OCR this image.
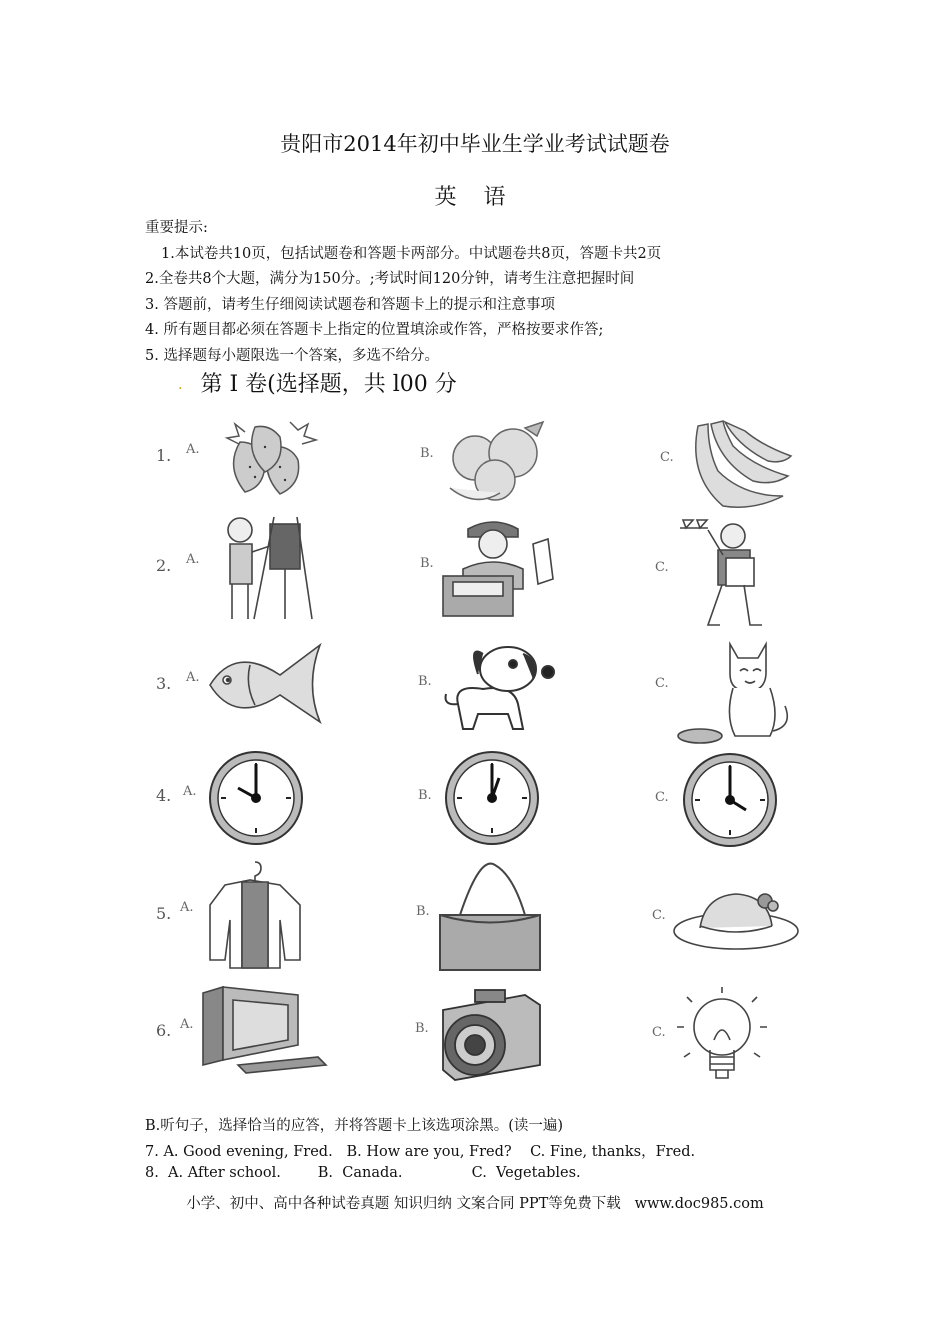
贵阳市2014年初中毕业生学业考试试题卷
英 语
重要提示:
1.本试卷共10页，包括试题卷和答题卡两部分。中试题卷共8页，答题卡共2页
2.全卷共8个大题，满分为150分。;考试时间120分钟，请考生注意把握时间
3. 答题前，请考生仔细阅读试题卷和答题卡上的提示和注意事项
4. 所有题目都必须在答题卡上指定的位置填涂或作答，严格按要求作答;
5. 选择题每小题限选一个答案，多选不给分。
. 第 I 卷(选择题，共 l00 分
1. A.	B.	C.
2. A.	B.	C.
3. A.	B.	C.
4. A.	B.	C.
5. A.	B.	C.
6. A.	B.	C.
B.听句子，选择恰当的应答，并将答题卡上该选项涂黑。(读一遍)
7. A. Good evening, Fred.   B. How are you, Fred?    C. Fine, thanks，Fred.
8.  A. After school.        B.  Canada.               C.  Vegetables.
小学、初中、高中各种试卷真题 知识归纳 文案合同 PPT等免费下载   www.doc985.com
